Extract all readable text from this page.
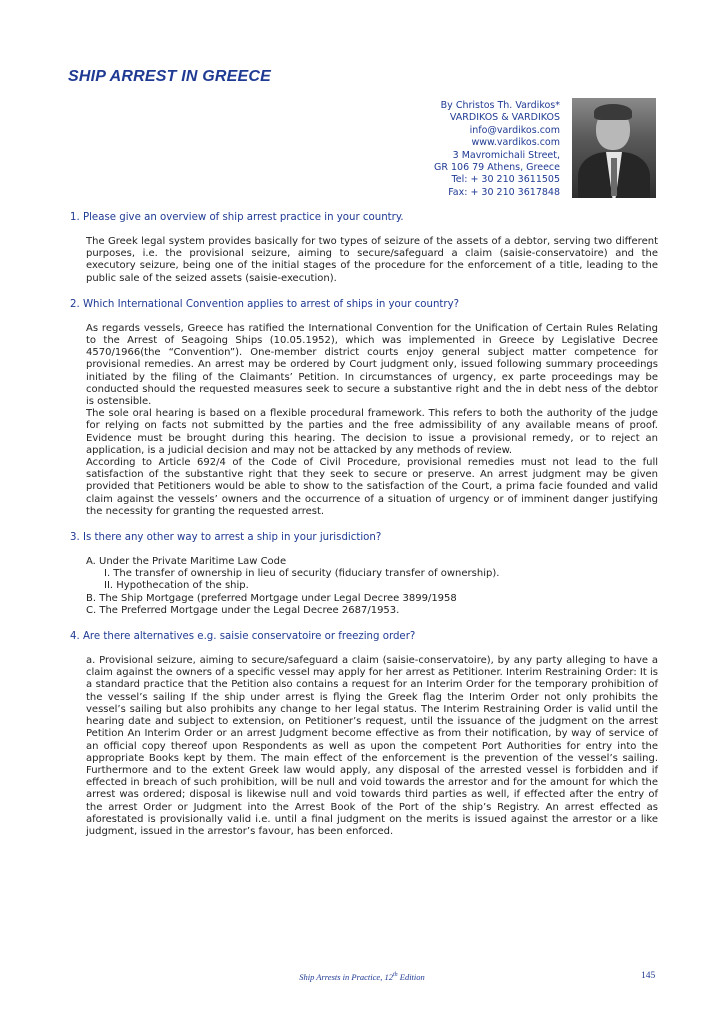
SHIP ARREST IN GREECE
By Christos Th. Vardikos*
VARDIKOS & VARDIKOS
info@vardikos.com
www.vardikos.com
3 Mavromichali Street,
GR 106 79 Athens, Greece
Tel: + 30 210 3611505
Fax: + 30 210 3617848

1. Please give an overview of ship arrest practice in your country.

The Greek legal system provides basically for two types of seizure of the assets of a debtor, serving two different purposes, i.e. the provisional seizure, aiming to secure/safeguard a claim (saisie-conservatoire) and the executory seizure, being one of the initial stages of the procedure for the enforcement of a title, leading to the public sale of the seized assets (saisie-execution).

2. Which International Convention applies to arrest of ships in your country?

As regards vessels, Greece has ratified the International Convention for the Unification of Certain Rules Relating to the Arrest of Seagoing Ships (10.05.1952), which was implemented in Greece by Legislative Decree 4570/1966(the “Convention”). One-member district courts enjoy general subject matter competence for provisional remedies. An arrest may be ordered by Court judgment only, issued following summary proceedings initiated by the filing of the Claimants’ Petition. In circumstances of urgency, ex parte proceedings may be conducted should the requested measures seek to secure a substantive right and the in debt ness of the debtor is ostensible.

The sole oral hearing is based on a flexible procedural framework. This refers to both the authority of the judge for relying on facts not submitted by the parties and the free admissibility of any available means of proof. Evidence must be brought during this hearing. The decision to issue a provisional remedy, or to reject an application, is a judicial decision and may not be attacked by any methods of review.

According to Article 692/4 of the Code of Civil Procedure, provisional remedies must not lead to the full satisfaction of the substantive right that they seek to secure or preserve. An arrest judgment may be given provided that Petitioners would be able to show to the satisfaction of the Court, a prima facie founded and valid claim against the vessels’ owners and the occurrence of a situation of urgency or of imminent danger justifying the necessity for granting the requested arrest.

3. Is there any other way to arrest a ship in your jurisdiction?

A. Under the Private Maritime Law Code
I. The transfer of ownership in lieu of security (fiduciary transfer of ownership).
II. Hypothecation of the ship.
B. The Ship Mortgage (preferred Mortgage under Legal Decree 3899/1958
C. The Preferred Mortgage under the Legal Decree 2687/1953.

4. Are there alternatives e.g. saisie conservatoire or freezing order?

a. Provisional seizure, aiming to secure/safeguard a claim (saisie-conservatoire), by any party alleging to have a claim against the owners of a specific vessel may apply for her arrest as Petitioner. Interim Restraining Order: It is a standard practice that the Petition also contains a request for an Interim Order for the temporary prohibition of the vessel’s sailing If the ship under arrest is flying the Greek flag the Interim Order not only prohibits the vessel’s sailing but also prohibits any change to her legal status. The Interim Restraining Order is valid until the hearing date and subject to extension, on Petitioner’s request, until the issuance of the judgment on the arrest Petition An Interim Order or an arrest Judgment become effective as from their notification, by way of service of an official copy thereof upon Respondents as well as upon the competent Port Authorities for entry into the appropriate Books kept by them. The main effect of the enforcement is the prevention of the vessel’s sailing. Furthermore and to the extent Greek law would apply, any disposal of the arrested vessel is forbidden and if effected in breach of such prohibition, will be null and void towards the arrestor and for the amount for which the arrest was ordered; disposal is likewise null and void towards third parties as well, if effected after the entry of the arrest Order or Judgment into the Arrest Book of the Port of the ship’s Registry. An arrest effected as aforestated is provisionally valid i.e. until a final judgment on the merits is issued against the arrestor or a like judgment, issued in the arrestor’s favour, has been enforced.

Ship Arrests in Practice, 12th Edition	145
